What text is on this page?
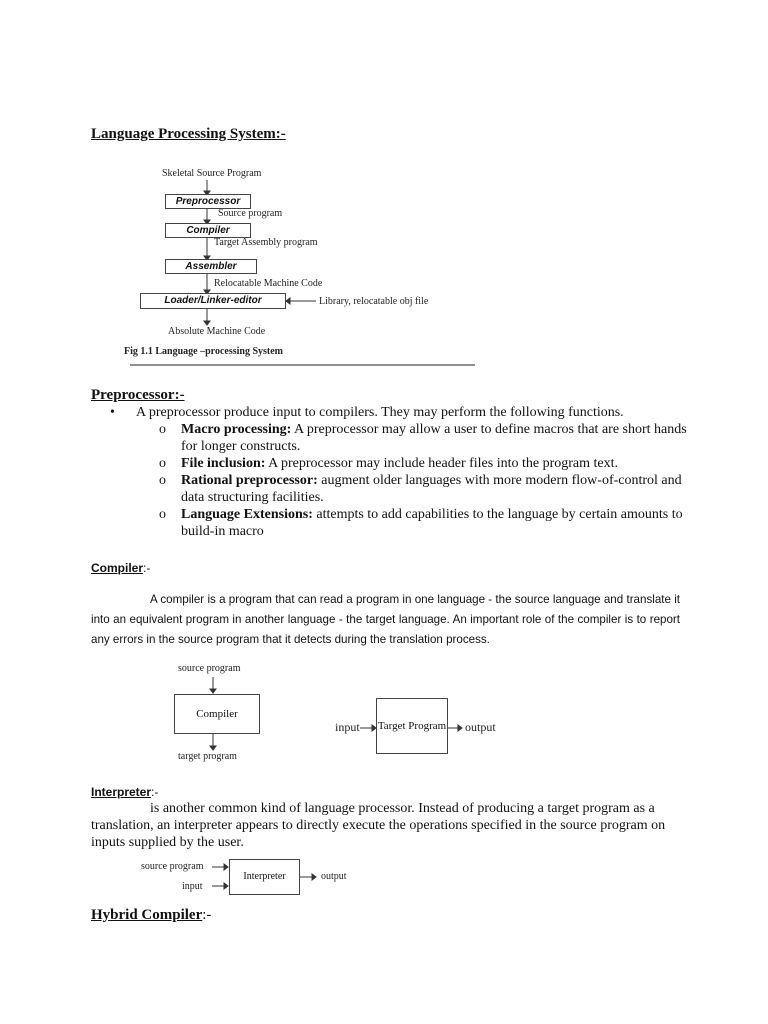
Language Processing System:-
Skeletal Source Program
Preprocessor
Source program
Compiler
Target Assembly program
Assembler
Relocatable Machine Code
Loader/Linker-editor	Library, relocatable obj file
Absolute Machine Code
Fig 1.1 Language –processing System
Preprocessor:-
•	A preprocessor produce input to compilers. They may perform the following functions.
o Macro processing: A preprocessor may allow a user to define macros that are short hands for longer constructs.
o File inclusion: A preprocessor may include header files into the program text.
o Rational preprocessor: augment older languages with more modern flow-of-control and data structuring facilities.
o Language Extensions: attempts to add capabilities to the language by certain amounts to build-in macro
Compiler:-
A compiler is a program that can read a program in one language - the source language and translate it into an equivalent program in another language - the target language. An important role of the compiler is to report any errors in the source program that it detects during the translation process.
source program
Compiler
target program
input Target Program output
Interpreter:-
is another common kind of language processor. Instead of producing a target program as a translation, an interpreter appears to directly execute the operations specified in the source program on inputs supplied by the user.
source program
input
Interpreter	output
Hybrid Compiler:-
